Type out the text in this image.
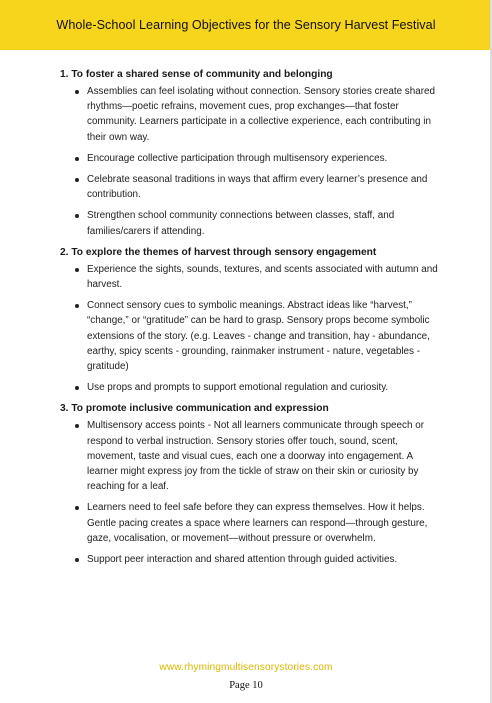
Whole-School Learning Objectives for the Sensory Harvest Festival
1. To foster a shared sense of community and belonging
Assemblies can feel isolating without connection. Sensory stories create shared rhythms—poetic refrains, movement cues, prop exchanges—that foster community. Learners participate in a collective experience, each contributing in their own way.
Encourage collective participation through multisensory experiences.
Celebrate seasonal traditions in ways that affirm every learner’s presence and contribution.
Strengthen school community connections between classes, staff, and families/carers if attending.
2. To explore the themes of harvest through sensory engagement
Experience the sights, sounds, textures, and scents associated with autumn and harvest.
Connect sensory cues to symbolic meanings. Abstract ideas like “harvest,” “change,” or “gratitude” can be hard to grasp. Sensory props become symbolic extensions of the story. (e.g. Leaves - change and transition, hay - abundance, earthy, spicy scents - grounding, rainmaker instrument - nature, vegetables - gratitude)
Use props and prompts to support emotional regulation and curiosity.
3. To promote inclusive communication and expression
Multisensory access points - Not all learners communicate through speech or respond to verbal instruction. Sensory stories offer touch, sound, scent, movement, taste and visual cues, each one a doorway into engagement. A learner might express joy from the tickle of straw on their skin or curiosity by reaching for a leaf.
Learners need to feel safe before they can express themselves. How it helps. Gentle pacing creates a space where learners can respond—through gesture, gaze, vocalisation, or movement—without pressure or overwhelm.
Support peer interaction and shared attention through guided activities.
www.rhymingmultisensorystories.com
Page 10
